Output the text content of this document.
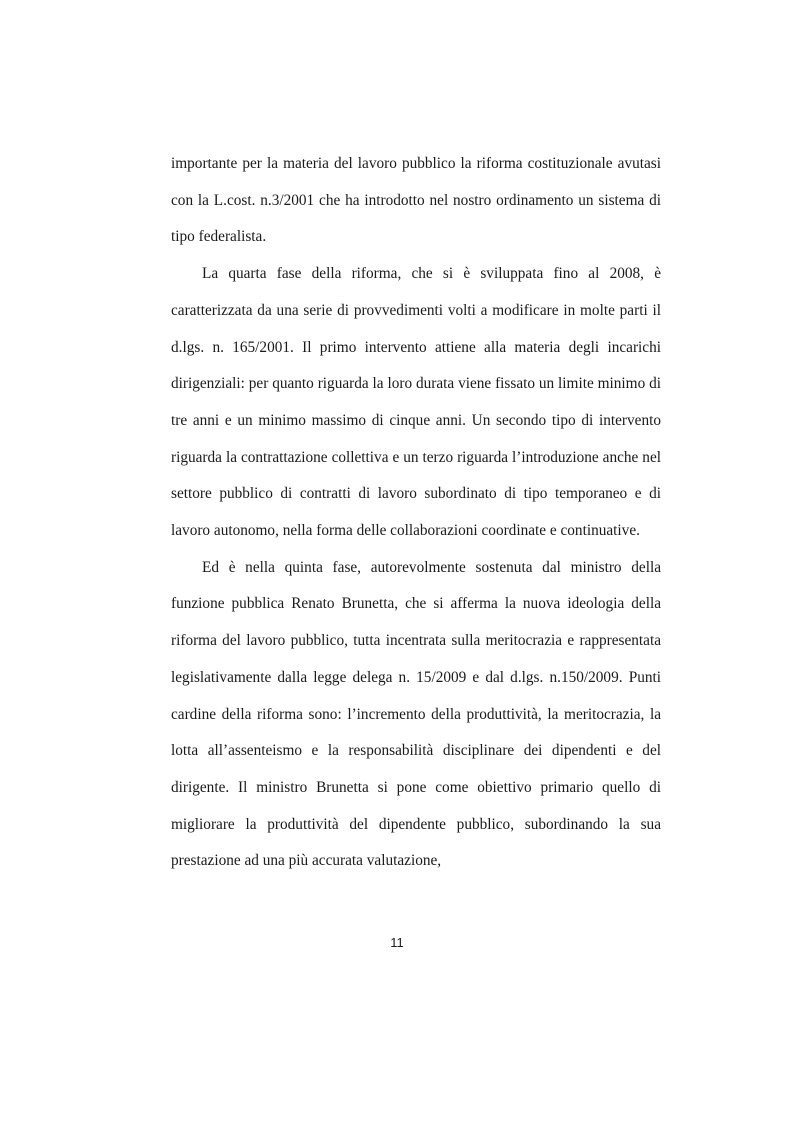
importante per la materia del lavoro pubblico la riforma costituzionale avutasi con la L.cost. n.3/2001 che ha introdotto nel nostro ordinamento un sistema di tipo federalista.

La quarta fase della riforma, che si è sviluppata fino al 2008, è caratterizzata da una serie di provvedimenti volti a modificare in molte parti il d.lgs. n. 165/2001. Il primo intervento attiene alla materia degli incarichi dirigenziali: per quanto riguarda la loro durata viene fissato un limite minimo di tre anni e un minimo massimo di cinque anni. Un secondo tipo di intervento riguarda la contrattazione collettiva e un terzo riguarda l’introduzione anche nel settore pubblico di contratti di lavoro subordinato di tipo temporaneo e di lavoro autonomo, nella forma delle collaborazioni coordinate e continuative.

Ed è nella quinta fase, autorevolmente sostenuta dal ministro della funzione pubblica Renato Brunetta, che si afferma la nuova ideologia della riforma del lavoro pubblico, tutta incentrata sulla meritocrazia e rappresentata legislativamente dalla legge delega n. 15/2009 e dal d.lgs. n.150/2009. Punti cardine della riforma sono: l’incremento della produttività, la meritocrazia, la lotta all’assenteismo e la responsabilità disciplinare dei dipendenti e del dirigente. Il ministro Brunetta si pone come obiettivo primario quello di migliorare la produttività del dipendente pubblico, subordinando la sua prestazione ad una più accurata valutazione,

11
